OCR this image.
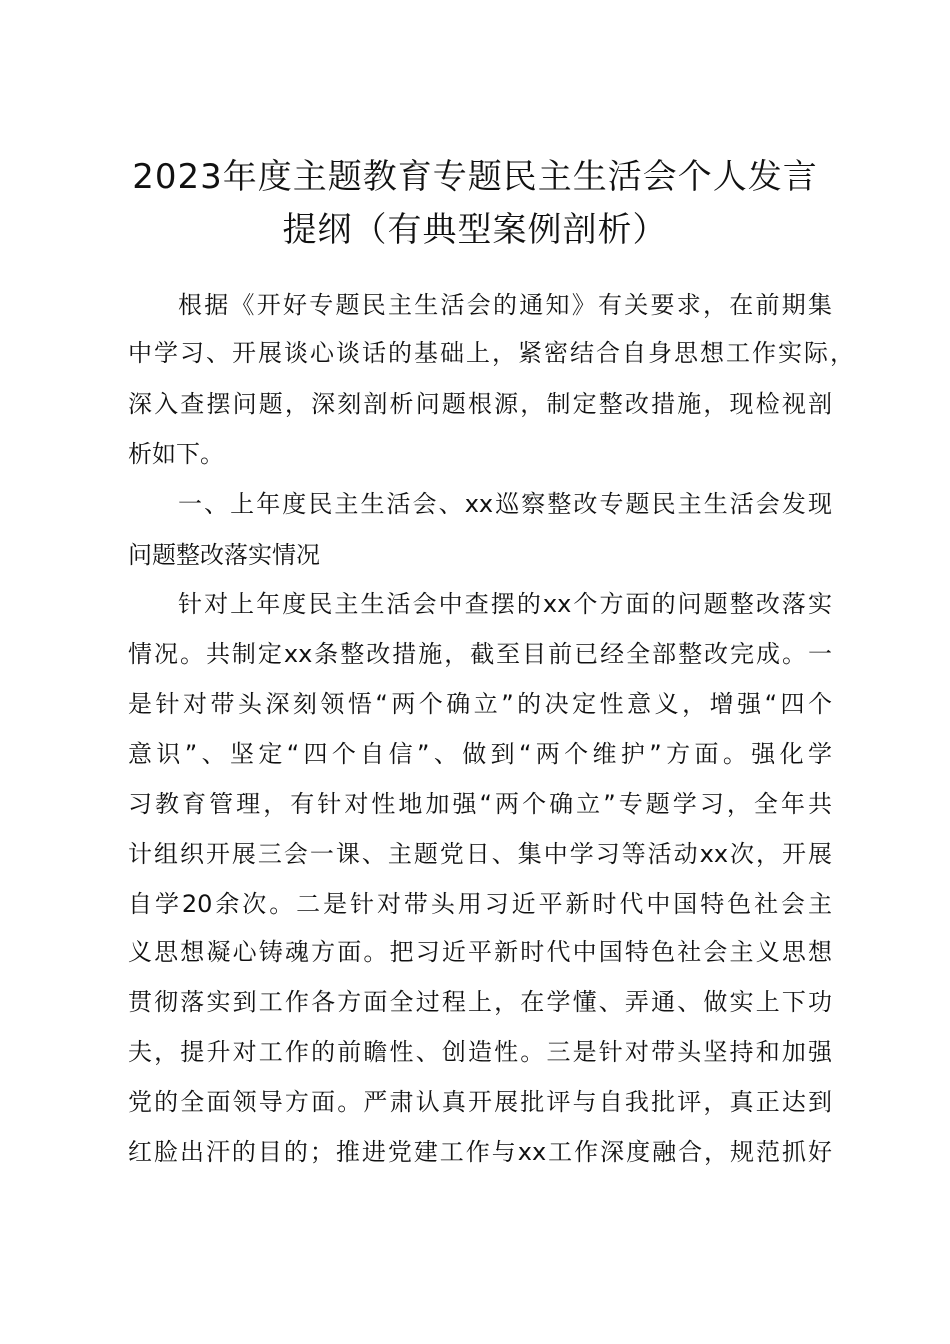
2023年度主题教育专题民主生活会个人发言
提纲（有典型案例剖析）
根据《开好专题民主生活会的通知》有关要求，在前期集
中学习、开展谈心谈话的基础上，紧密结合自身思想工作实际，
深入查摆问题，深刻剖析问题根源，制定整改措施，现检视剖
析如下。
一、上年度民主生活会、xx巡察整改专题民主生活会发现
问题整改落实情况
针对上年度民主生活会中查摆的xx个方面的问题整改落实
情况。共制定xx条整改措施，截至目前已经全部整改完成。一
是针对带头深刻领悟“两个确立”的决定性意义，增强“四个
意识”、坚定“四个自信”、做到“两个维护”方面。强化学
习教育管理，有针对性地加强“两个确立”专题学习，全年共
计组织开展三会一课、主题党日、集中学习等活动xx次，开展
自学20余次。二是针对带头用习近平新时代中国特色社会主
义思想凝心铸魂方面。把习近平新时代中国特色社会主义思想
贯彻落实到工作各方面全过程上，在学懂、弄通、做实上下功
夫，提升对工作的前瞻性、创造性。三是针对带头坚持和加强
党的全面领导方面。严肃认真开展批评与自我批评，真正达到
红脸出汗的目的；推进党建工作与xx工作深度融合，规范抓好
